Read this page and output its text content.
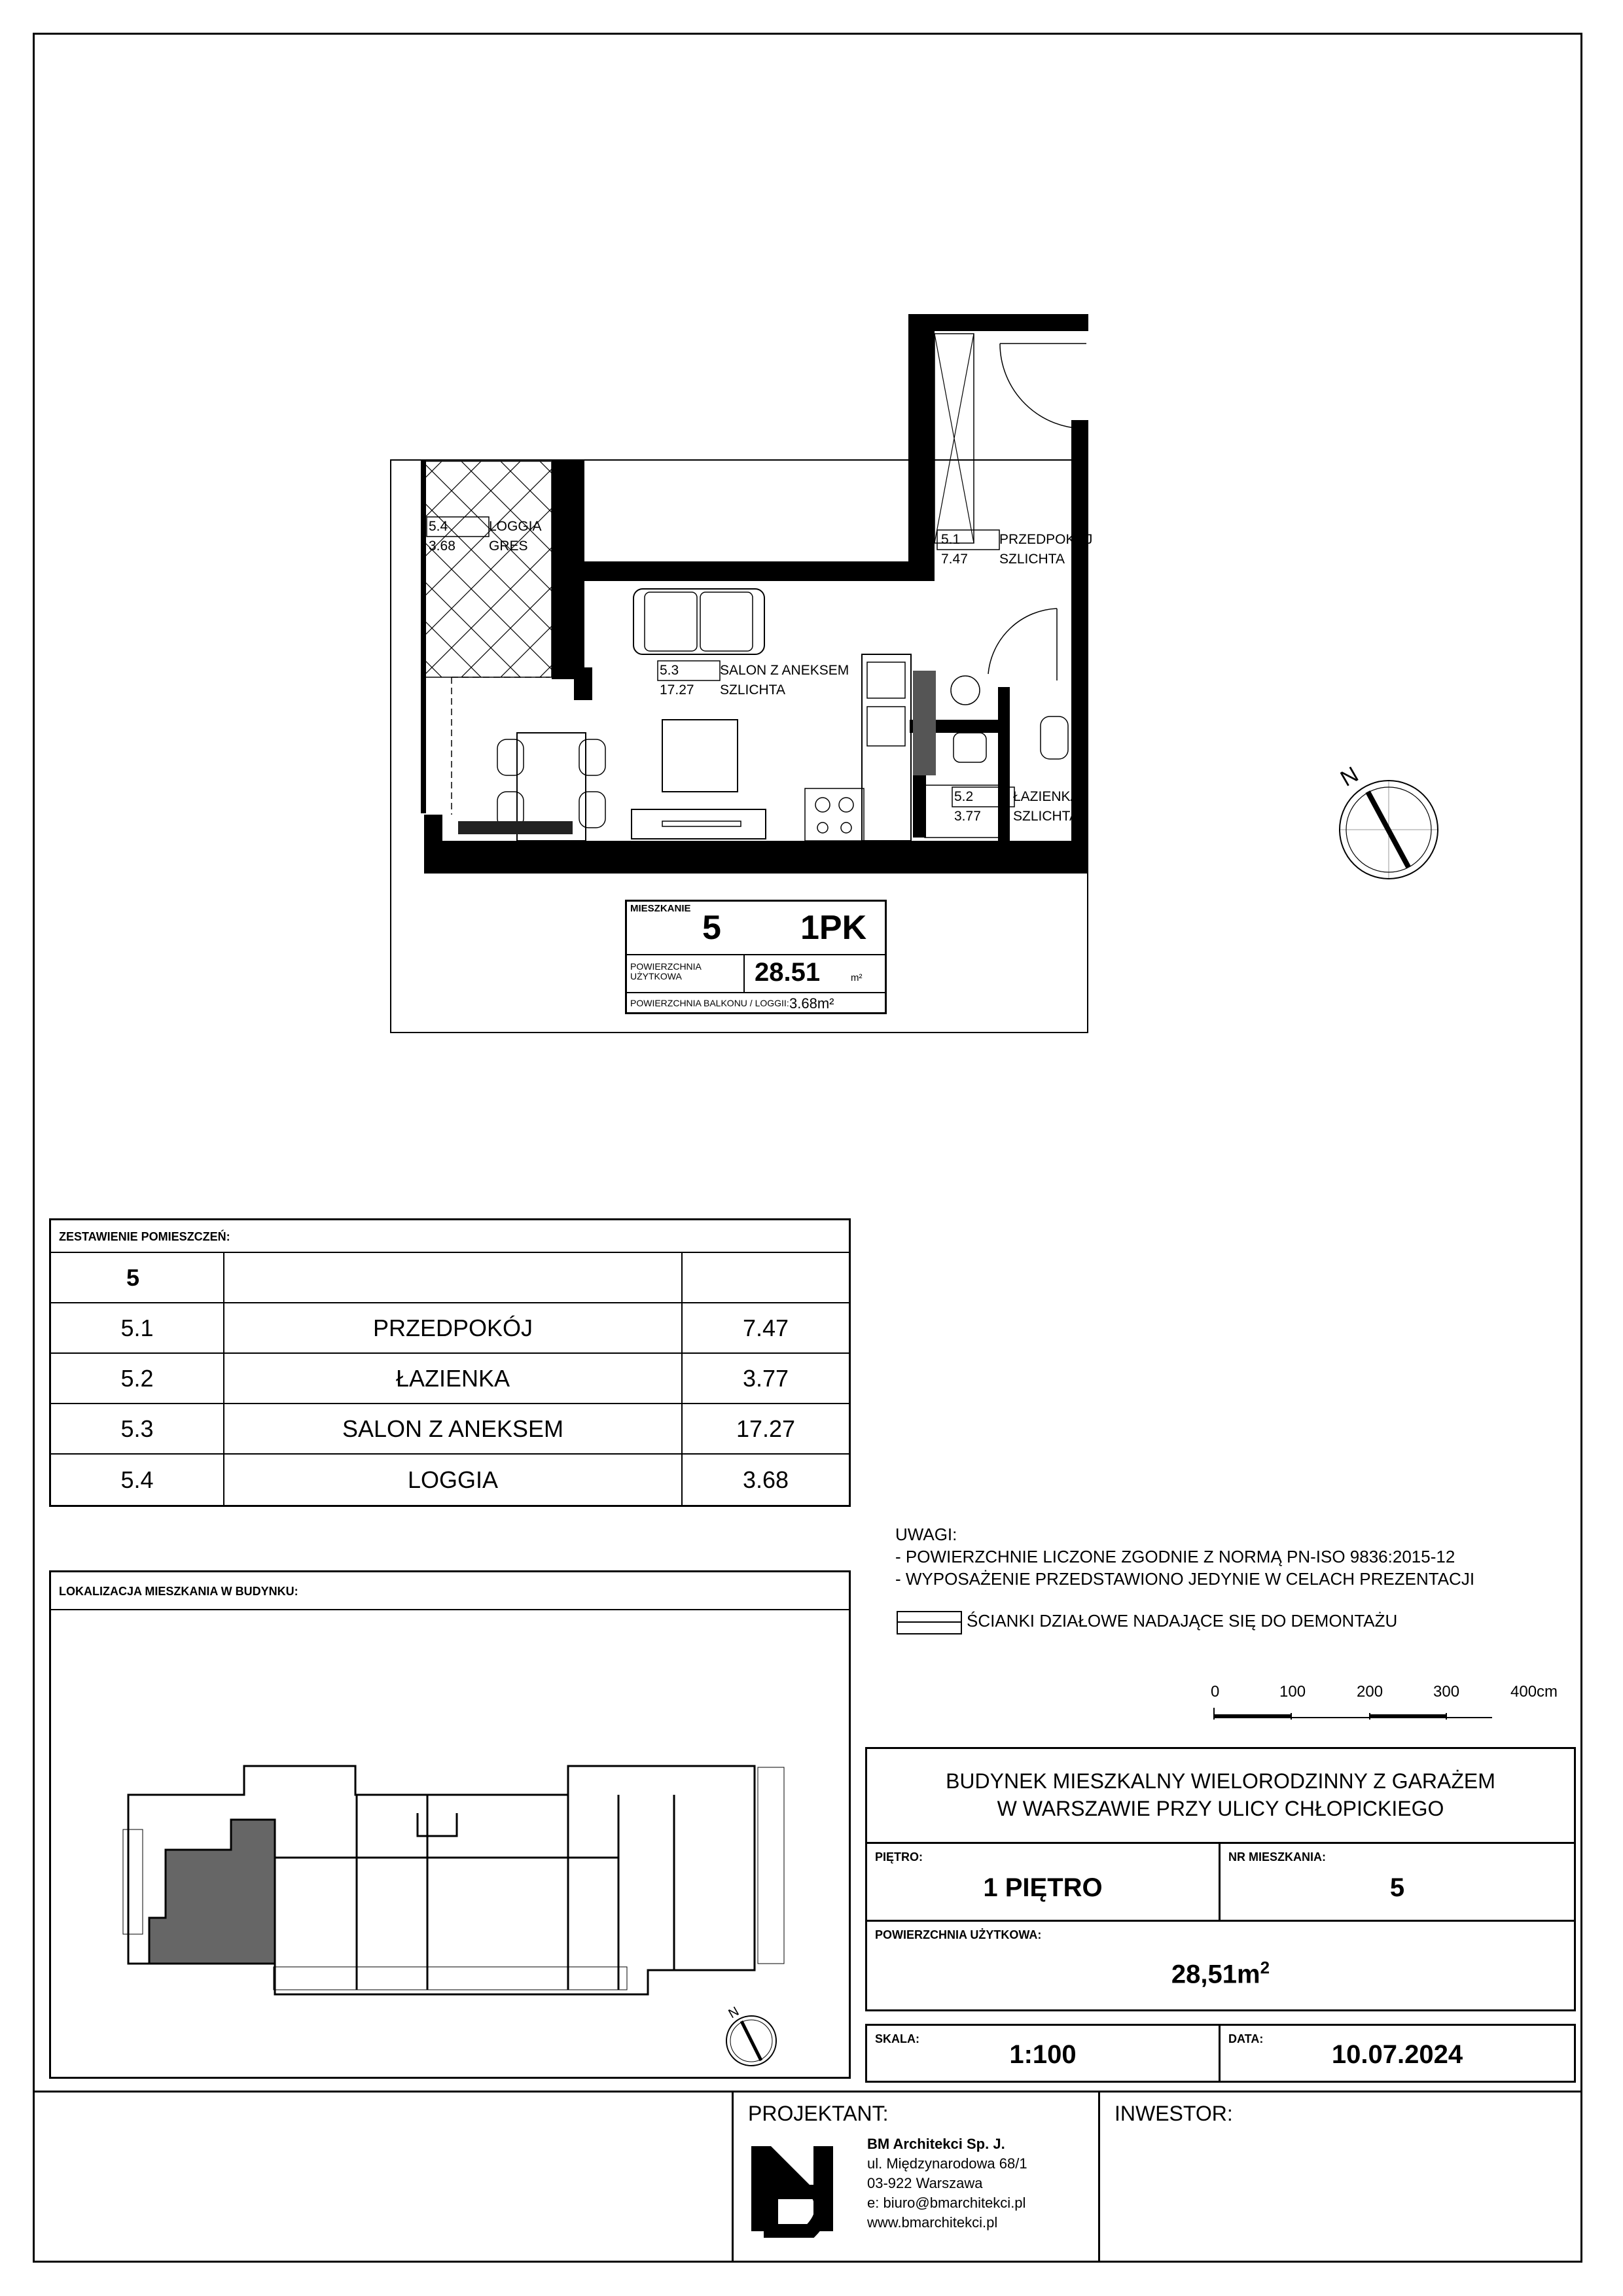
5.1
7.47
PRZEDPOKÓJ
SZLICHTA
5.2
3.77
ŁAZIENKA
SZLICHTA
5.3
17.27
SALON Z ANEKSEM
SZLICHTA
5.4
3.68
LOGGIA
GRES
N
MIESZKANIE
5 1PK
POWIERZCHNIA
UŻYTKOWA	28.51	m²
POWIERZCHNIA BALKONU / LOGGII: 3.68m²
ZESTAWIENIE POMIESZCZEŃ:
5
5.1	PRZEDPOKÓJ	7.47
5.2	ŁAZIENKA	3.77
5.3	SALON Z ANEKSEM	17.27
5.4	LOGGIA	3.68
LOKALIZACJA MIESZKANIA W BUDYNKU:
N
UWAGI:
- POWIERZCHNIE LICZONE ZGODNIE Z NORMĄ PN-ISO 9836:2015-12
- WYPOSAŻENIE PRZEDSTAWIONO JEDYNIE W CELACH PREZENTACJI
ŚCIANKI DZIAŁOWE NADAJĄCE SIĘ DO DEMONTAŻU
0	100	200	300	400cm
BUDYNEK MIESZKALNY WIELORODZINNY Z GARAŻEM
W WARSZAWIE PRZY ULICY CHŁOPICKIEGO
PIĘTRO:
1 PIĘTRO
NR MIESZKANIA:
5
POWIERZCHNIA UŻYTKOWA:
$28,51m^2$
SKALA:
1:100
DATA:
10.07.2024
PROJEKTANT:	INWESTOR:
BM Architekci Sp. J.
ul. Międzynarodowa 68/1
03-922 Warszawa
e: biuro@bmarchitekci.pl
www.bmarchitekci.pl
